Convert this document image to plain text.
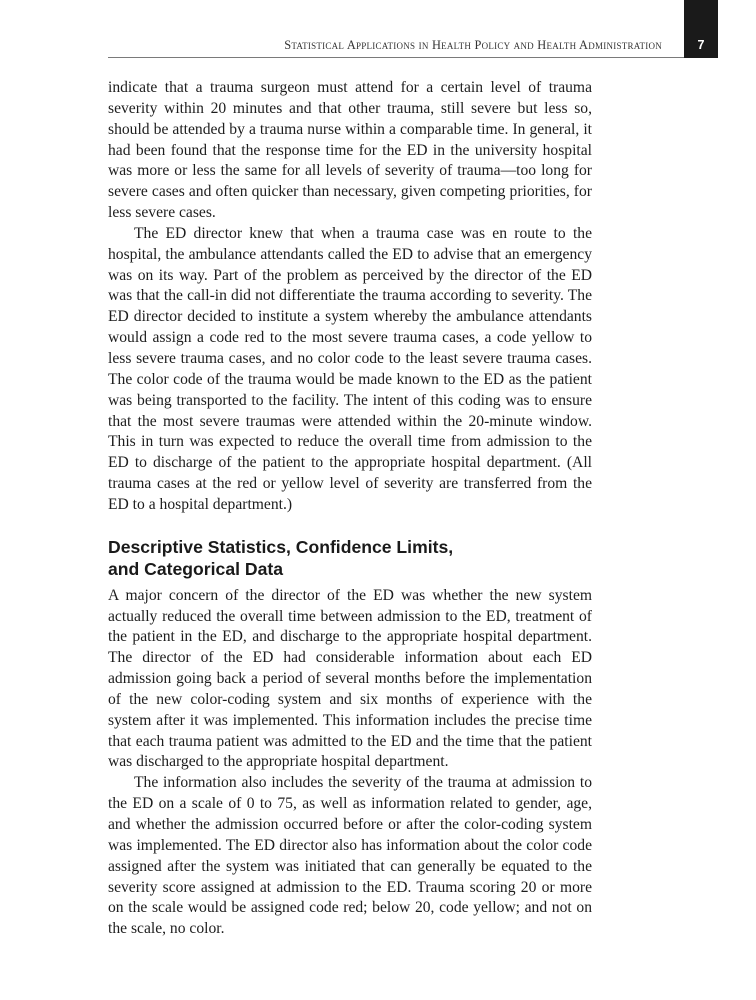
Statistical Applications in Health Policy and Health Administration	7

indicate that a trauma surgeon must attend for a certain level of trauma severity within 20 minutes and that other trauma, still severe but less so, should be attended by a trauma nurse within a comparable time. In general, it had been found that the response time for the ED in the university hospital was more or less the same for all levels of severity of trauma—too long for severe cases and often quicker than necessary, given competing priorities, for less severe cases.

The ED director knew that when a trauma case was en route to the hospital, the ambulance attendants called the ED to advise that an emergency was on its way. Part of the problem as perceived by the director of the ED was that the call-in did not differentiate the trauma according to severity. The ED director decided to institute a system whereby the ambulance attendants would assign a code red to the most severe trauma cases, a code yellow to less severe trauma cases, and no color code to the least severe trauma cases. The color code of the trauma would be made known to the ED as the patient was being transported to the facility. The intent of this coding was to ensure that the most severe traumas were attended within the 20-minute window. This in turn was expected to reduce the overall time from admission to the ED to discharge of the patient to the appropriate hospital department. (All trauma cases at the red or yellow level of severity are transferred from the ED to a hospital department.)

Descriptive Statistics, Confidence Limits,
and Categorical Data

A major concern of the director of the ED was whether the new system actually reduced the overall time between admission to the ED, treatment of the patient in the ED, and discharge to the appropriate hospital department. The director of the ED had considerable information about each ED admission going back a period of several months before the implementation of the new color-coding system and six months of experience with the system after it was implemented. This information includes the precise time that each trauma patient was admitted to the ED and the time that the patient was discharged to the appropriate hospital department.

The information also includes the severity of the trauma at admission to the ED on a scale of 0 to 75, as well as information related to gender, age, and whether the admission occurred before or after the color-coding system was implemented. The ED director also has information about the color code assigned after the system was initiated that can generally be equated to the severity score assigned at admission to the ED. Trauma scoring 20 or more on the scale would be assigned code red; below 20, code yellow; and not on the scale, no color.
